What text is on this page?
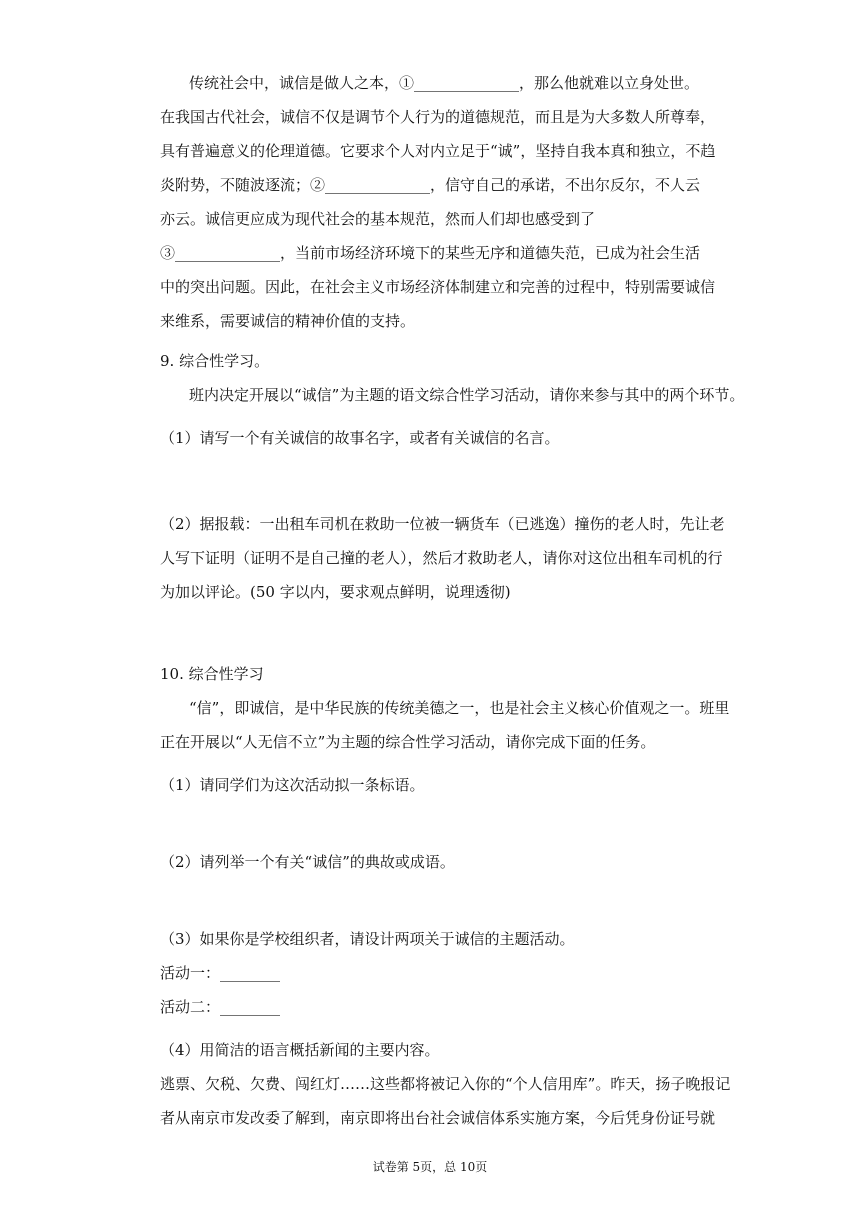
传统社会中，诚信是做人之本，①______________，那么他就难以立身处世。
在我国古代社会，诚信不仅是调节个人行为的道德规范，而且是为大多数人所尊奉，
具有普遍意义的伦理道德。它要求个人对内立足于“诚”，坚持自我本真和独立，不趋
炎附势，不随波逐流；②______________，信守自己的承诺，不出尔反尔，不人云
亦云。诚信更应成为现代社会的基本规范，然而人们却也感受到了
③______________，当前市场经济环境下的某些无序和道德失范，已成为社会生活
中的突出问题。因此，在社会主义市场经济体制建立和完善的过程中，特别需要诚信
来维系，需要诚信的精神价值的支持。
9. 综合性学习。
班内决定开展以“诚信”为主题的语文综合性学习活动，请你来参与其中的两个环节。
（1）请写一个有关诚信的故事名字，或者有关诚信的名言。
（2）据报载：一出租车司机在救助一位被一辆货车（已逃逸）撞伤的老人时，先让老
人写下证明（证明不是自己撞的老人），然后才救助老人，请你对这位出租车司机的行
为加以评论。(50 字以内，要求观点鲜明，说理透彻)
10. 综合性学习
“信”，即诚信，是中华民族的传统美德之一，也是社会主义核心价值观之一。班里
正在开展以“人无信不立”为主题的综合性学习活动，请你完成下面的任务。
（1）请同学们为这次活动拟一条标语。
（2）请列举一个有关“诚信”的典故或成语。
（3）如果你是学校组织者，请设计两项关于诚信的主题活动。
活动一：________
活动二：________
（4）用简洁的语言概括新闻的主要内容。
逃票、欠税、欠费、闯红灯……这些都将被记入你的“个人信用库”。昨天，扬子晚报记
者从南京市发改委了解到，南京即将出台社会诚信体系实施方案，今后凭身份证号就
试卷第 5页，总 10页
